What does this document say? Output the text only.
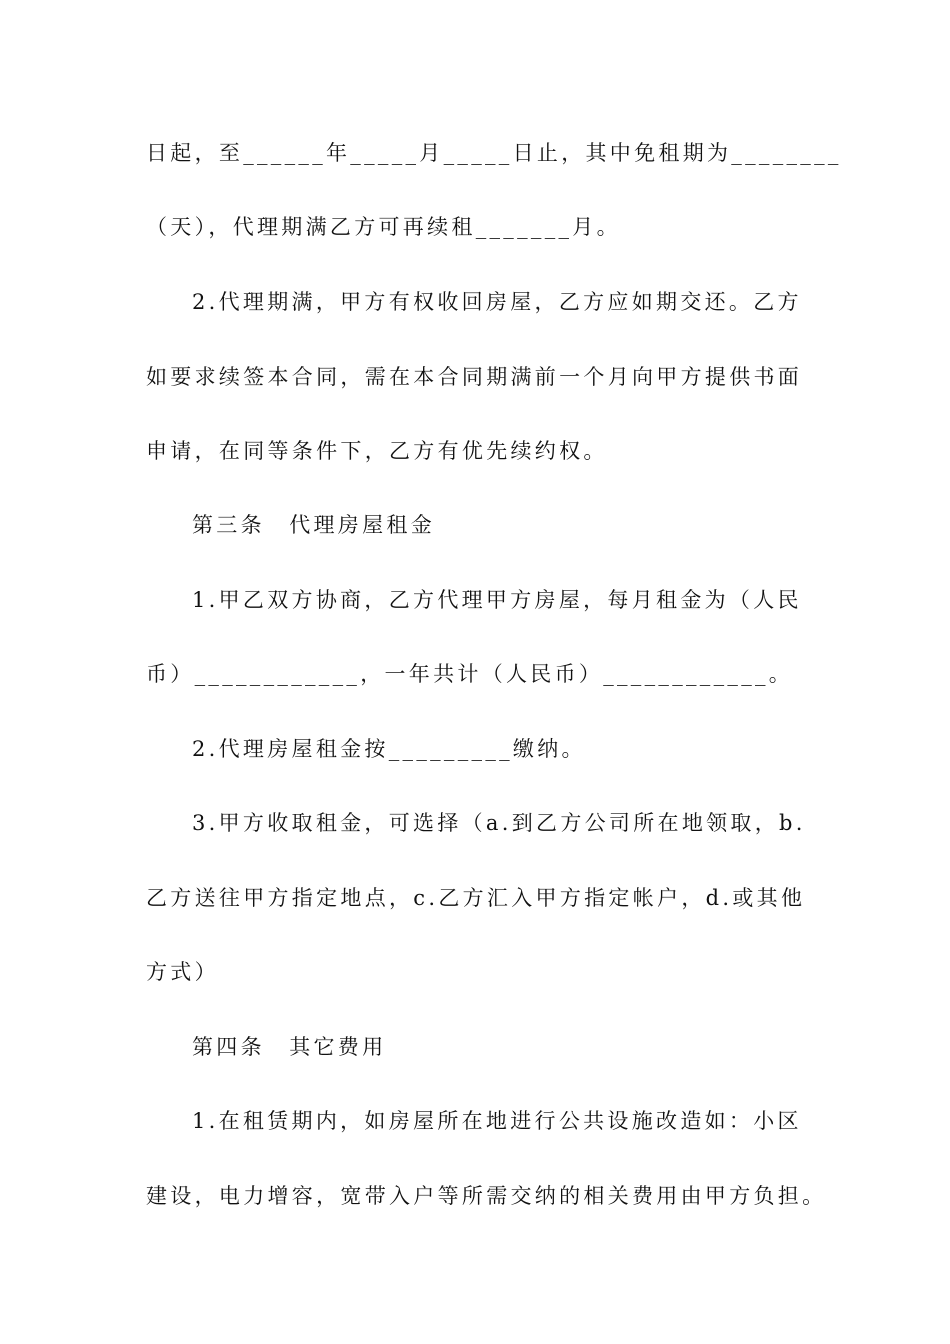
日起，至______年_____月_____日止，其中免租期为________
（天），代理期满乙方可再续租_______月。
2.代理期满，甲方有权收回房屋，乙方应如期交还。乙方
如要求续签本合同，需在本合同期满前一个月向甲方提供书面
申请，在同等条件下，乙方有优先续约权。
第三条　代理房屋租金
1.甲乙双方协商，乙方代理甲方房屋，每月租金为（人民
币）____________，一年共计（人民币）____________。
2.代理房屋租金按_________缴纳。
3.甲方收取租金，可选择（a.到乙方公司所在地领取，b.
乙方送往甲方指定地点，c.乙方汇入甲方指定帐户，d.或其他
方式）
第四条　其它费用
1.在租赁期内，如房屋所在地进行公共设施改造如：小区
建设，电力增容，宽带入户等所需交纳的相关费用由甲方负担。
